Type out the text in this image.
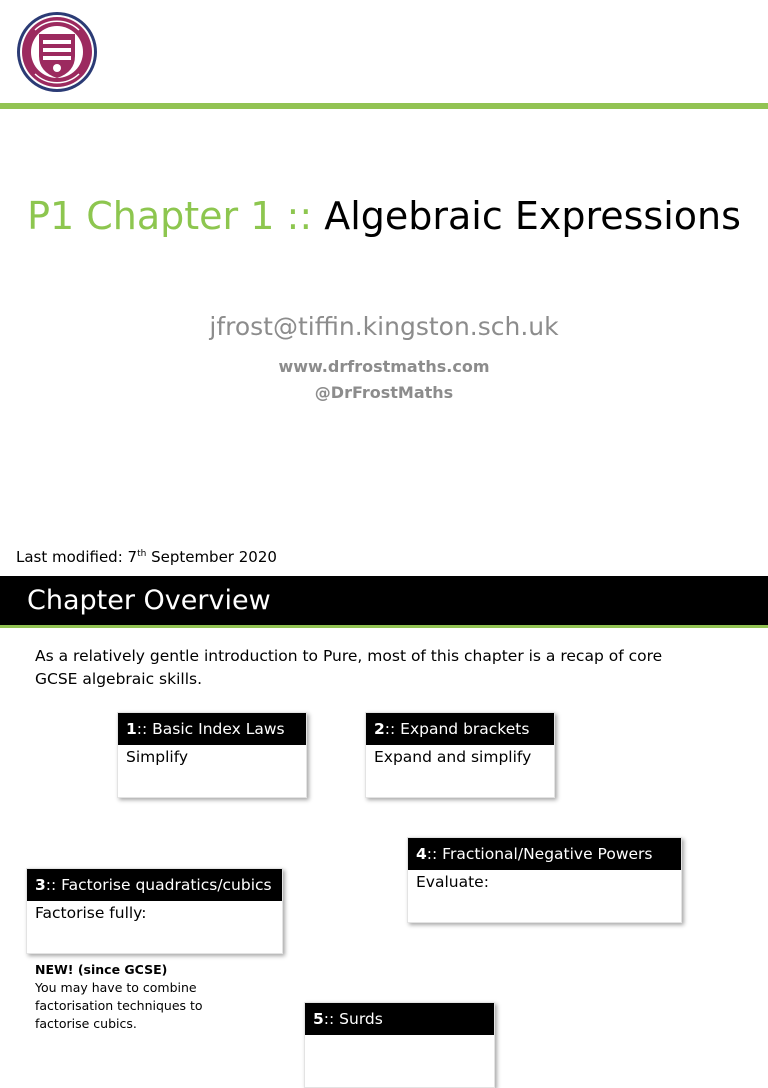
P1 Chapter 1 :: Algebraic Expressions
jfrost@tiffin.kingston.sch.uk
www.drfrostmaths.com
@DrFrostMaths
Last modified: 7th September 2020
Chapter Overview
As a relatively gentle introduction to Pure, most of this chapter is a recap of core GCSE algebraic skills.
1:: Basic Index Laws
Simplify
2:: Expand brackets
Expand and simplify
4:: Fractional/Negative Powers
Evaluate:
3:: Factorise quadratics/cubics
Factorise fully:
NEW! (since GCSE)
You may have to combine factorisation techniques to factorise cubics.	5:: Surds
